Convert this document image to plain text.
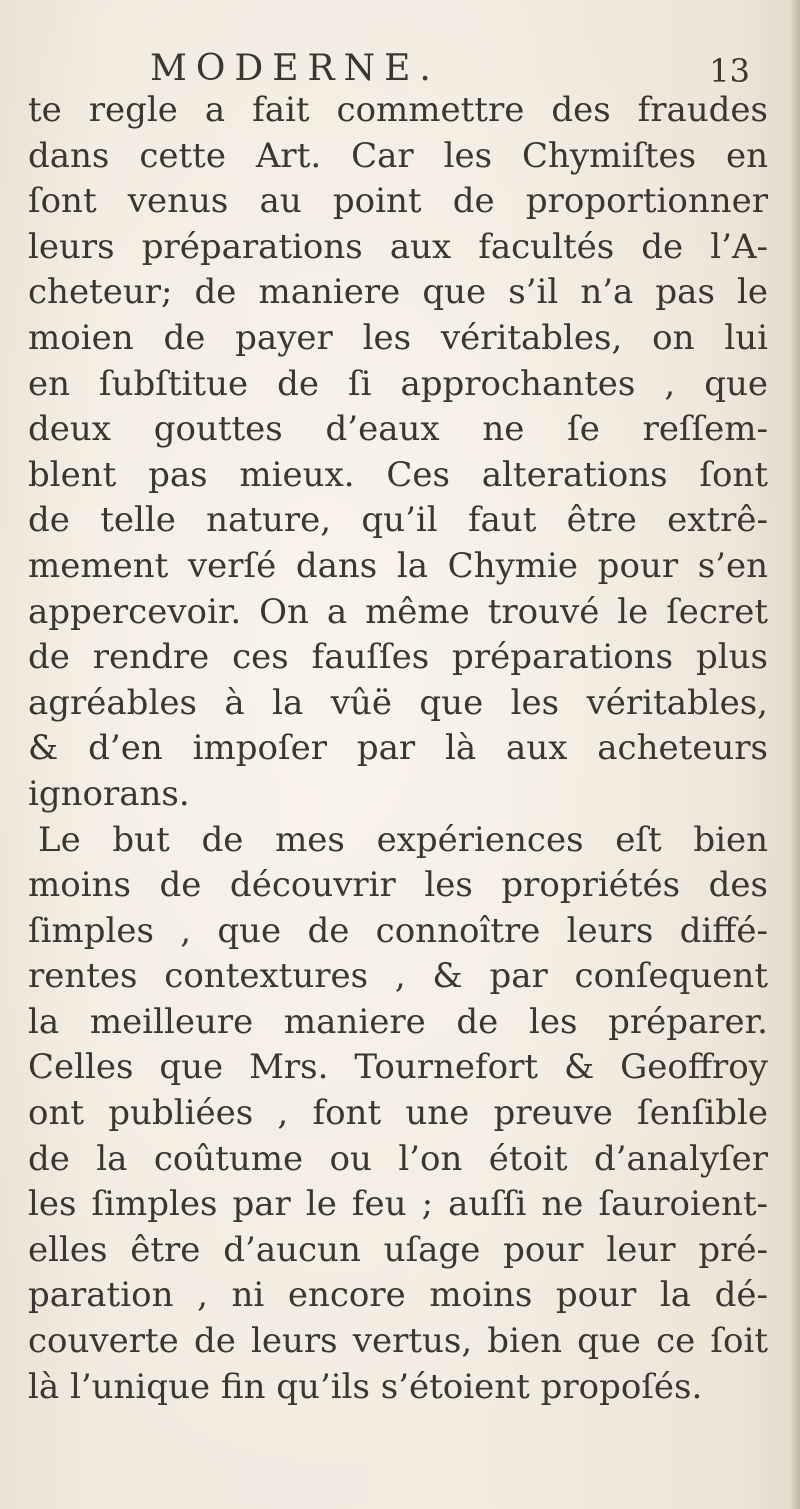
MODERNE.	13
te regle a fait commettre des fraudes
dans cette Art. Car les Chymiſtes en
ſont venus au point de proportionner
leurs préparations aux facultés de l’A-
cheteur; de maniere que s’il n’a pas le
moien de payer les véritables, on lui
en ſubſtitue de ſi approchantes , que
deux gouttes d’eaux ne ſe reſſem-
blent pas mieux. Ces alterations ſont
de telle nature, qu’il faut être extrê-
mement verſé dans la Chymie pour s’en
appercevoir. On a même trouvé le ſecret
de rendre ces fauſſes préparations plus
agréables à la vûë que les véritables,
& d’en impoſer par là aux acheteurs
ignorans.
Le but de mes expériences eſt bien
moins de découvrir les propriétés des
ſimples , que de connoître leurs diffé-
rentes contextures , & par conſequent
la meilleure maniere de les préparer.
Celles que Mrs. Tournefort & Geoffroy
ont publiées , font une preuve ſenſible
de la coûtume ou l’on étoit d’analyſer
les ſimples par le feu ; auſſi ne ſauroient-
elles être d’aucun uſage pour leur pré-
paration , ni encore moins pour la dé-
couverte de leurs vertus, bien que ce ſoit
là l’unique fin qu’ils s’étoient propoſés.
